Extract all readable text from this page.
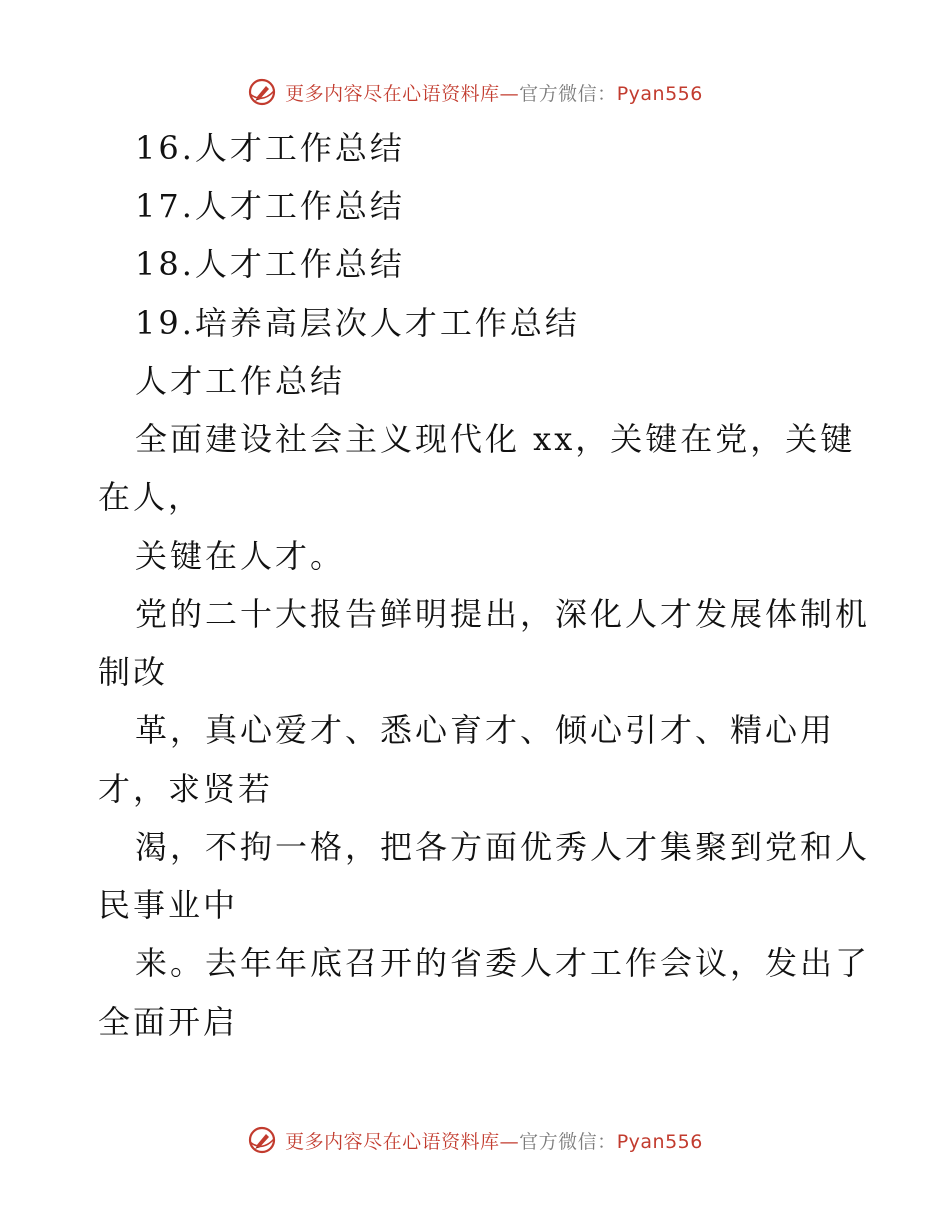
更多内容尽在心语资料库—官方微信：Pyan556
16.人才工作总结
17.人才工作总结
18.人才工作总结
19.培养高层次人才工作总结
人才工作总结
全面建设社会主义现代化 xx，关键在党，关键
在人，
关键在人才。
党的二十大报告鲜明提出，深化人才发展体制机
制改
革，真心爱才、悉心育才、倾心引才、精心用
才，求贤若
渴，不拘一格，把各方面优秀人才集聚到党和人
民事业中
来。去年年底召开的省委人才工作会议，发出了
全面开启
更多内容尽在心语资料库—官方微信：Pyan556
